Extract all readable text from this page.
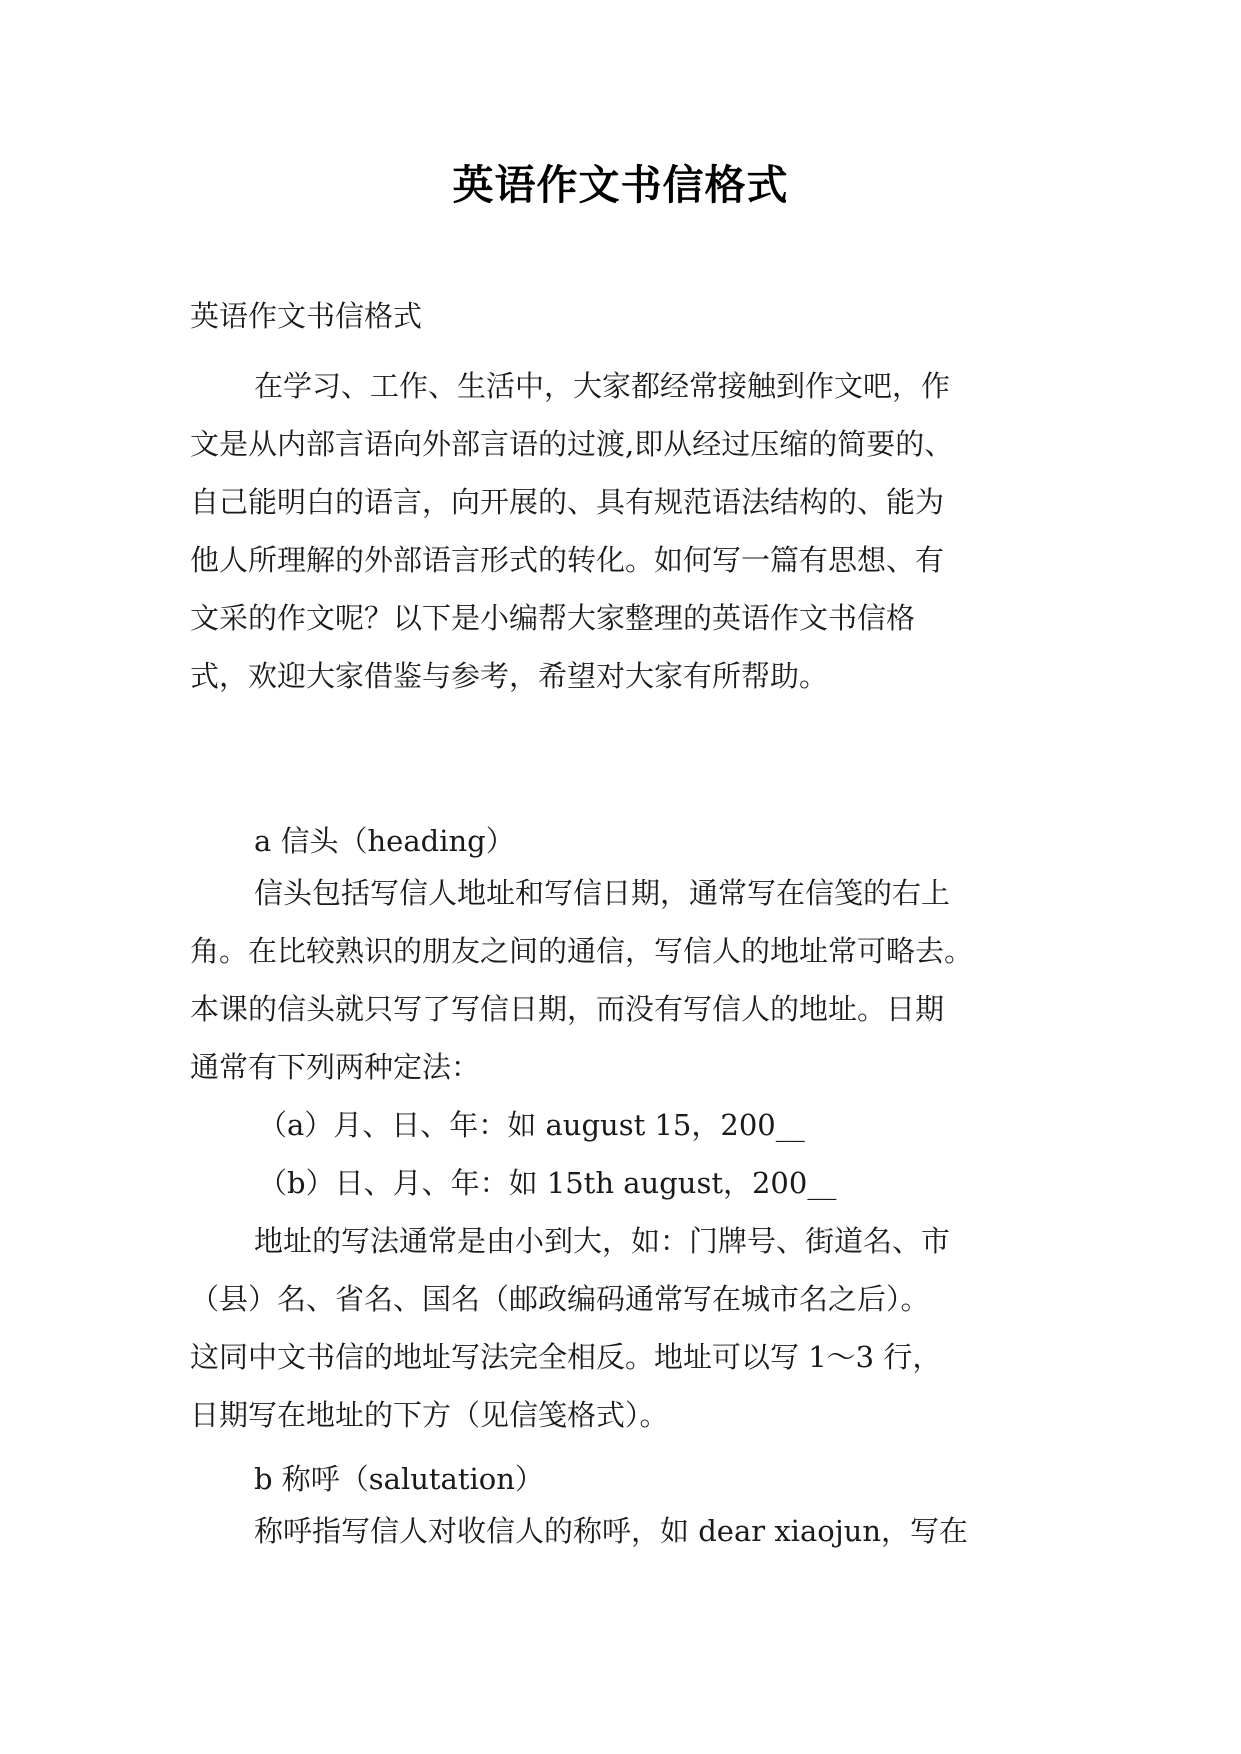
英语作文书信格式

英语作文书信格式

在学习、工作、生活中，大家都经常接触到作文吧，作
文是从内部言语向外部言语的过渡,即从经过压缩的简要的、
自己能明白的语言，向开展的、具有规范语法结构的、能为
他人所理解的外部语言形式的转化。如何写一篇有思想、有
文采的作文呢？以下是小编帮大家整理的英语作文书信格
式，欢迎大家借鉴与参考，希望对大家有所帮助。

a 信头（heading）

信头包括写信人地址和写信日期，通常写在信笺的右上
角。在比较熟识的朋友之间的通信，写信人的地址常可略去。
本课的信头就只写了写信日期，而没有写信人的地址。日期
通常有下列两种定法：
（a）月、日、年：如 august 15，200__
（b）日、月、年：如 15th august，200__
地址的写法通常是由小到大，如：门牌号、街道名、市
（县）名、省名、国名（邮政编码通常写在城市名之后）。
这同中文书信的地址写法完全相反。地址可以写 1～3 行，
日期写在地址的下方（见信笺格式）。

b 称呼（salutation）

称呼指写信人对收信人的称呼，如 dear xiaojun，写在
